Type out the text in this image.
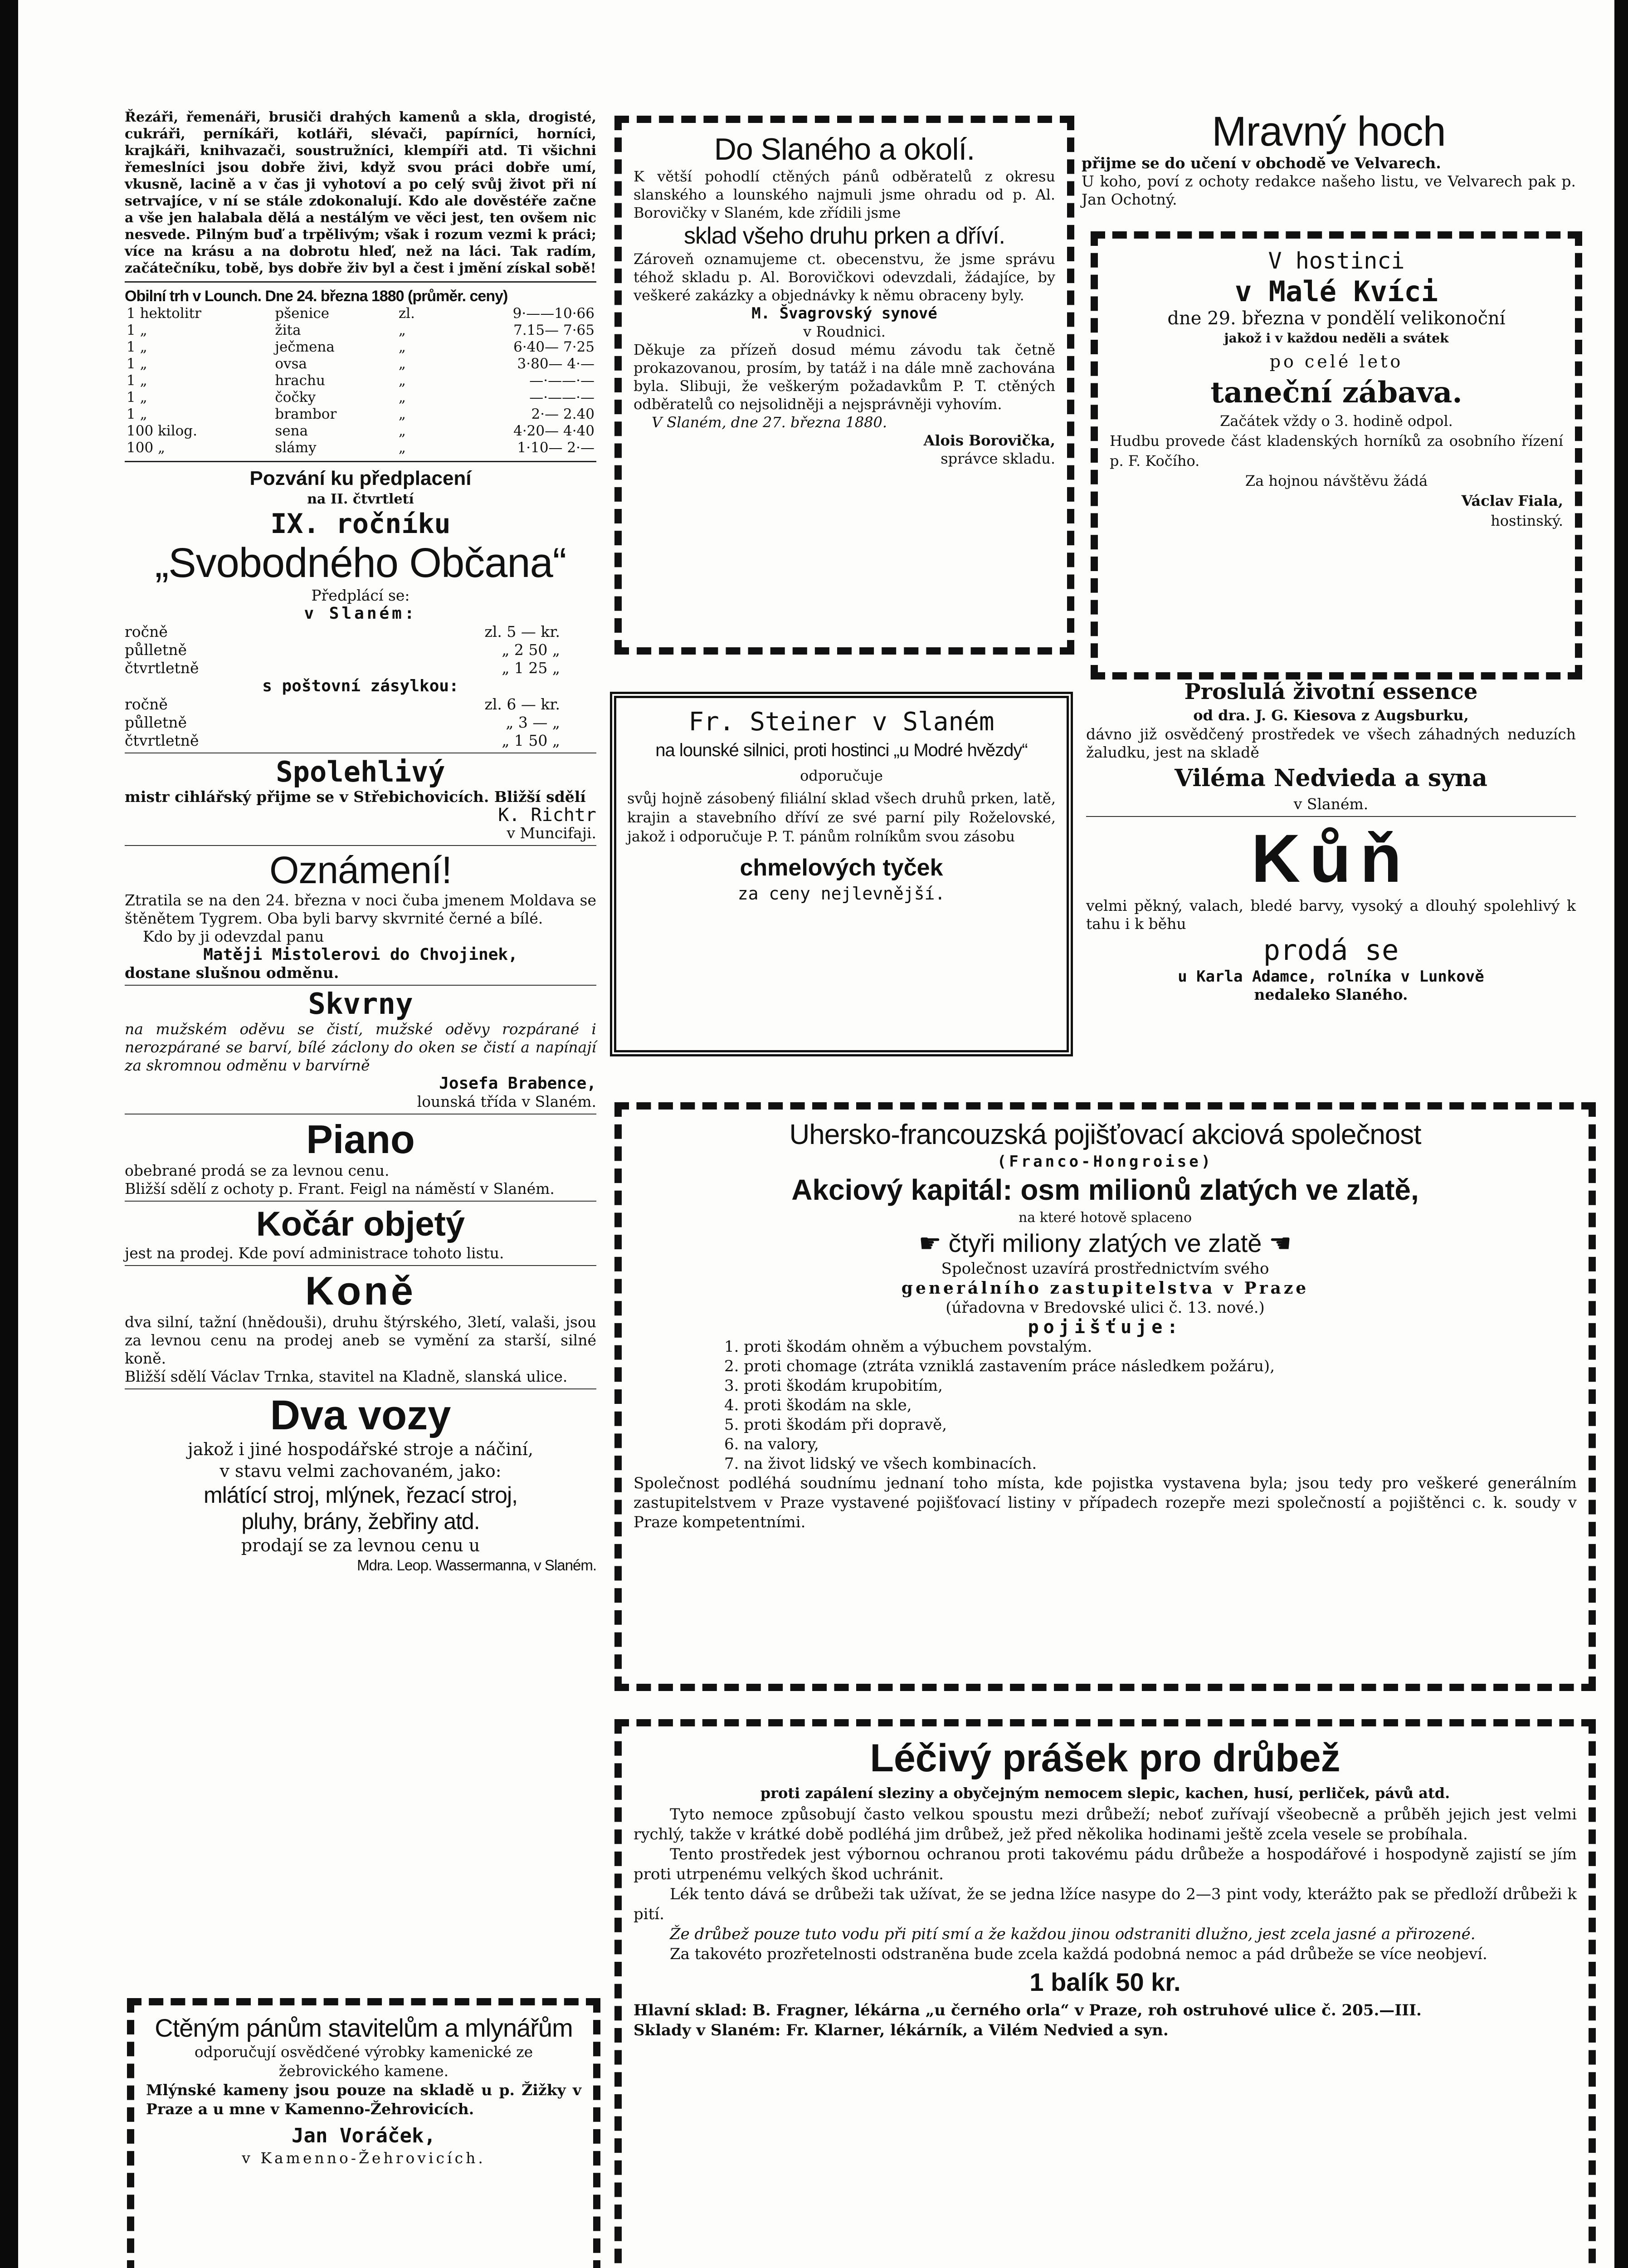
Řezáři, řemenáři, brusiči drahých kamenů a skla, drogisté, cukráři, perníkáři, kotláři, slévači, papírníci, horníci, krajkáři, knihvazači, soustružníci, klempíři atd. Ti všichni řemeslníci jsou dobře živi, když svou práci dobře umí, vkusně, lacině a v čas ji vyhotoví a po celý svůj život při ní setrvajíce, v ní se stále zdokonalují. Kdo ale dověstéře začne a vše jen halabala dělá a nestálým ve věci jest, ten ovšem nic nesvede. Pilným buď a trpělivým; však i rozum vezmi k práci; více na krásu a na dobrotu hleď, než na láci. Tak radím, začátečníku, tobě, bys dobře živ byl a čest i jmění získal sobě!

Obilní trh v Lounch. Dne 24. března 1880 (průměr. ceny)
1 hektolitr	pšenice	zl.	9·——10·66
1 „	žita	„	7.15— 7·65
1 „	ječmena	„	6·40— 7·25
1 „	ovsa	„	3·80— 4·—
1 „	hrachu	„	—·——·—
1 „	čočky	„	—·——·—
1 „	brambor	„	2·— 2.40
100 kilog.	sena	„	4·20— 4·40
100 „	slámy	„	1·10— 2·—
Pozvání ku předplacení
na II. čtvrtletí
IX. ročníku
„Svobodného Občana“
Předplácí se:
v Slaném:
ročně	zl. 5 — kr.
půlletně	„ 2 50 „
čtvrtletně	„ 1 25 „
s poštovní zásylkou:
ročně	zl. 6 — kr.
půlletně	„ 3 — „
čtvrtletně	„ 1 50 „
Spolehlivý

mistr cihlářský přijme se v Střebichovicích. Bližší sdělí

K. Richtr
v Muncifaji.
Oznámení!

Ztratila se na den 24. března v noci čuba jmenem Moldava se štěnětem Tygrem. Oba byli barvy skvrnité černé a bílé.

Kdo by ji odevzdal panu
Matěji Mistolerovi do Chvojinek,
dostane slušnou odměnu.
Skvrny

na mužském oděvu se čistí, mužské oděvy rozpárané i nerozpárané se barví, bílé záclony do oken se čistí a napínají za skromnou odměnu v barvírně

Josefa Brabence,
lounská třída v Slaném.
Piano
obebrané prodá se za levnou cenu.

Bližší sdělí z ochoty p. Frant. Feigl na náměstí v Slaném.

Kočár objetý
jest na prodej. Kde poví administrace tohoto listu.
Koně

dva silní, tažní (hnědouši), druhu štýrského, 3letí, valaši, jsou za levnou cenu na prodej aneb se vymění za starší, silné koně.

Bližší sdělí Václav Trnka, stavitel na Kladně, slanská ulice.

Dva vozy
jakož i jiné hospodářské stroje a náčiní,
v stavu velmi zachovaném, jako:
mlátící stroj, mlýnek, řezací stroj,
pluhy, brány, žebřiny atd.
prodají se za levnou cenu u
Mdra. Leop. Wassermanna, v Slaném.
Ctěným pánům stavitelům a mlynářům
odporučují osvědčené výrobky kamenické ze žebrovického kamene.

Mlýnské kameny jsou pouze na skladě u p. Žižky v Praze a u mne v Kamenno-Žehrovicích.

Jan Voráček,
v Kamenno-Žehrovicích.
Do Slaného a okolí.

K větší pohodlí ctěných pánů odběratelů z okresu slanského a lounského najmuli jsme ohradu od p. Al. Borovičky v Slaném, kde zřídili jsme

sklad všeho druhu prken a dříví.

Zároveň oznamujeme ct. obecenstvu, že jsme správu téhož skladu p. Al. Borovičkovi odevzdali, žádajíce, by veškeré zakázky a objednávky k němu obraceny byly.

M. Švagrovský synové
v Roudnici.

Děkuje za přízeň dosud mému závodu tak četně prokazovanou, prosím, by tatáž i na dále mně zachována byla. Slibuji, že veškerým požadavkům P. T. ctěných odběratelů co nejsolidněji a nejsprávněji vyhovím.

V Slaném, dne 27. března 1880.
Alois Borovička,
správce skladu.
Fr. Steiner v Slaném
na lounské silnici, proti hostinci „u Modré hvězdy“
odporučuje

svůj hojně zásobený filiální sklad všech druhů prken, latě, krajin a stavebního dříví ze své parní pily Roželovské, jakož i odporučuje P. T. pánům rolníkům svou zásobu

chmelových tyček
za ceny nejlevnější.
Mravný hoch
přijme se do učení v obchodě ve Velvarech.

U koho, poví z ochoty redakce našeho listu, ve Velvarech pak p. Jan Ochotný.

V hostinci
v Malé Kvíci
dne 29. března v pondělí velikonoční
jakož i v každou neděli a svátek
po celé leto
taneční zábava.
Začátek vždy o 3. hodině odpol.

Hudbu provede část kladenských horníků za osobního řízení p. F. Kočího.

Za hojnou návštěvu žádá
Václav Fiala,
hostinský.
Proslulá životní essence
od dra. J. G. Kiesova z Augsburku,

dávno již osvědčený prostředek ve všech záhadných neduzích žaludku, jest na skladě

Viléma Nedvieda a syna
v Slaném.
Kůň

velmi pěkný, valach, bledé barvy, vysoký a dlouhý spolehlivý k tahu i k běhu

prodá se
u Karla Adamce, rolníka v Lunkově
nedaleko Slaného.
Uhersko-francouzská pojišťovací akciová společnost
(Franco-Hongroise)
Akciový kapitál: osm milionů zlatých ve zlatě,
na které hotově splaceno
☛ čtyři miliony zlatých ve zlatě ☚
Společnost uzavírá prostřednictvím svého
generálního zastupitelstva v Praze
(úřadovna v Bredovské ulici č. 13. nové.)
pojišťuje:
1. proti škodám ohněm a výbuchem povstalým.
2. proti chomage (ztráta vzniklá zastavením práce následkem požáru),
3. proti škodám krupobitím,
4. proti škodám na skle,
5. proti škodám při dopravě,
6. na valory,
7. na život lidský ve všech kombinacích.

Společnost podléhá soudnímu jednaní toho místa, kde pojistka vystavena byla; jsou tedy pro veškeré generálním zastupitelstvem v Praze vystavené pojišťovací listiny v případech rozepře mezi společností a pojištěnci c. k. soudy v Praze kompetentními.

Léčivý prášek pro drůbež
proti zapálení sleziny a obyčejným nemocem slepic, kachen, husí, perliček, pávů atd.

Tyto nemoce způsobují často velkou spoustu mezi drůbeží; neboť zuřívají všeobecně a průběh jejich jest velmi rychlý, takže v krátké době podléhá jim drůbež, jež před několika hodinami ještě zcela vesele se probíhala.

Tento prostředek jest výbornou ochranou proti takovému pádu drůbeže a hospodářové i hospodyně zajistí se jím proti utrpenému velkých škod uchránit.

Lék tento dává se drůbeži tak užívat, že se jedna lžíce nasype do 2—3 pint vody, kterážto pak se předloží drůbeži k pití.

Že drůbež pouze tuto vodu při pití smí a že každou jinou odstraniti dlužno, jest zcela jasné a přirozené.

Za takovéto prozřetelnosti odstraněna bude zcela každá podobná nemoc a pád drůbeže se více neobjeví.

1 balík 50 kr.

Hlavní sklad: B. Fragner, lékárna „u černého orla“ v Praze, roh ostruhové ulice č. 205.—III.

Sklady v Slaném: Fr. Klarner, lékárník, a Vilém Nedvied a syn.
